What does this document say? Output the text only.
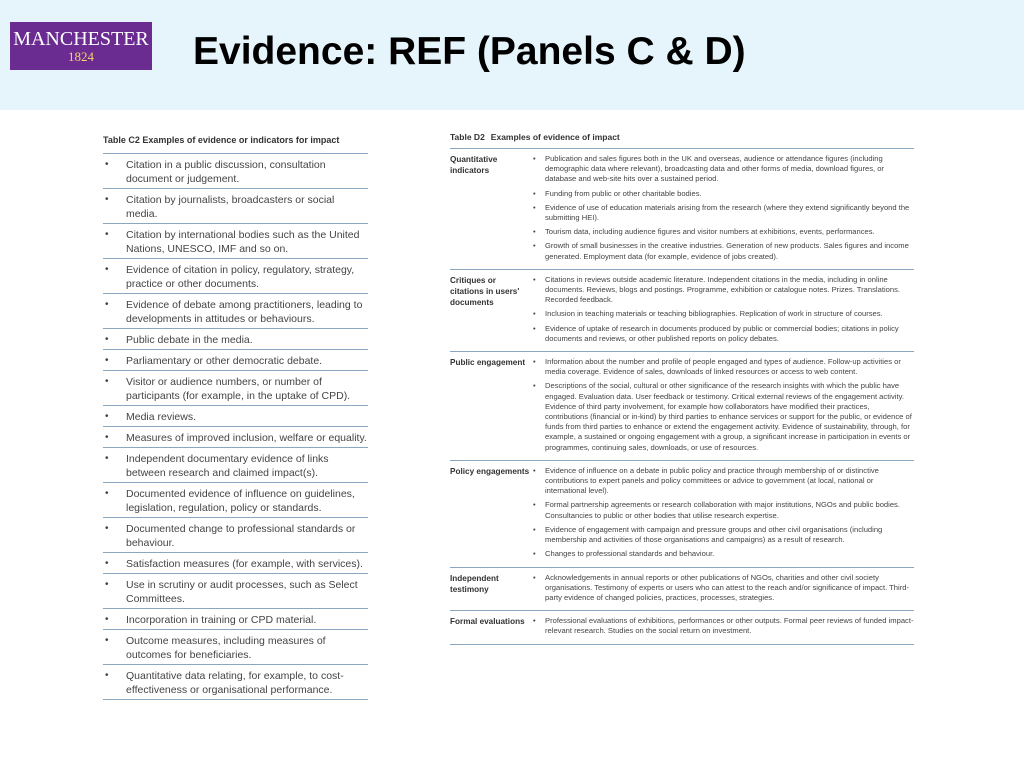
MANCHESTER
1824	Evidence: REF (Panels C & D)
Table C2 Examples of evidence or indicators for impact
• Citation in a public discussion, consultation document or judgement.
• Citation by journalists, broadcasters or social media.
• Citation by international bodies such as the United Nations, UNESCO, IMF and so on.
• Evidence of citation in policy, regulatory, strategy, practice or other documents.
• Evidence of debate among practitioners, leading to developments in attitudes or behaviours.
• Public debate in the media.
• Parliamentary or other democratic debate.
• Visitor or audience numbers, or number of participants (for example, in the uptake of CPD).
• Media reviews.
• Measures of improved inclusion, welfare or equality.
• Independent documentary evidence of links between research and claimed impact(s).
• Documented evidence of influence on guidelines, legislation, regulation, policy or standards.
• Documented change to professional standards or behaviour.
• Satisfaction measures (for example, with services).
• Use in scrutiny or audit processes, such as Select Committees.
• Incorporation in training or CPD material.
• Outcome measures, including measures of outcomes for beneficiaries.
• Quantitative data relating, for example, to cost-effectiveness or organisational performance.
Table D2 Examples of evidence of impact
Quantitative indicators
• Publication and sales figures both in the UK and overseas, audience or attendance figures (including demographic data where relevant), broadcasting data and other forms of media, download figures, or database and web-site hits over a sustained period.
• Funding from public or other charitable bodies.
• Evidence of use of education materials arising from the research (where they extend significantly beyond the submitting HEI).
• Tourism data, including audience figures and visitor numbers at exhibitions, events, performances.
• Growth of small businesses in the creative industries. Generation of new products. Sales figures and income generated. Employment data (for example, evidence of jobs created).
Critiques or citations in users' documents
• Citations in reviews outside academic literature. Independent citations in the media, including in online documents. Reviews, blogs and postings. Programme, exhibition or catalogue notes. Prizes. Translations. Recorded feedback.
• Inclusion in teaching materials or teaching bibliographies. Replication of work in structure of courses.
• Evidence of uptake of research in documents produced by public or commercial bodies; citations in policy documents and reviews, or other published reports on policy debates.
Public engagement	• Information about the number and profile of people engaged and types of audience. Follow-up activities or media coverage. Evidence of sales, downloads of linked resources or access to web content.
• Descriptions of the social, cultural or other significance of the research insights with which the public have engaged. Evaluation data. User feedback or testimony. Critical external reviews of the engagement activity. Evidence of third party involvement, for example how collaborators have modified their practices, contributions (financial or in-kind) by third parties to enhance services or support for the public, or evidence of funds from third parties to enhance or extend the engagement activity. Evidence of sustainability, through, for example, a sustained or ongoing engagement with a group, a significant increase in participation in events or programmes, continuing sales, downloads, or use of resources.
Policy engagements	• Evidence of influence on a debate in public policy and practice through membership of or distinctive contributions to expert panels and policy committees or advice to government (at local, national or international level).
• Formal partnership agreements or research collaboration with major institutions, NGOs and public bodies. Consultancies to public or other bodies that utilise research expertise.
• Evidence of engagement with campaign and pressure groups and other civil organisations (including membership and activities of those organisations and campaigns) as a result of research.
• Changes to professional standards and behaviour.
Independent testimony
• Acknowledgements in annual reports or other publications of NGOs, charities and other civil society organisations. Testimony of experts or users who can attest to the reach and/or significance of impact. Third-party evidence of changed policies, practices, processes, strategies.
Formal evaluations	• Professional evaluations of exhibitions, performances or other outputs. Formal peer reviews of funded impact-relevant research. Studies on the social return on investment.
